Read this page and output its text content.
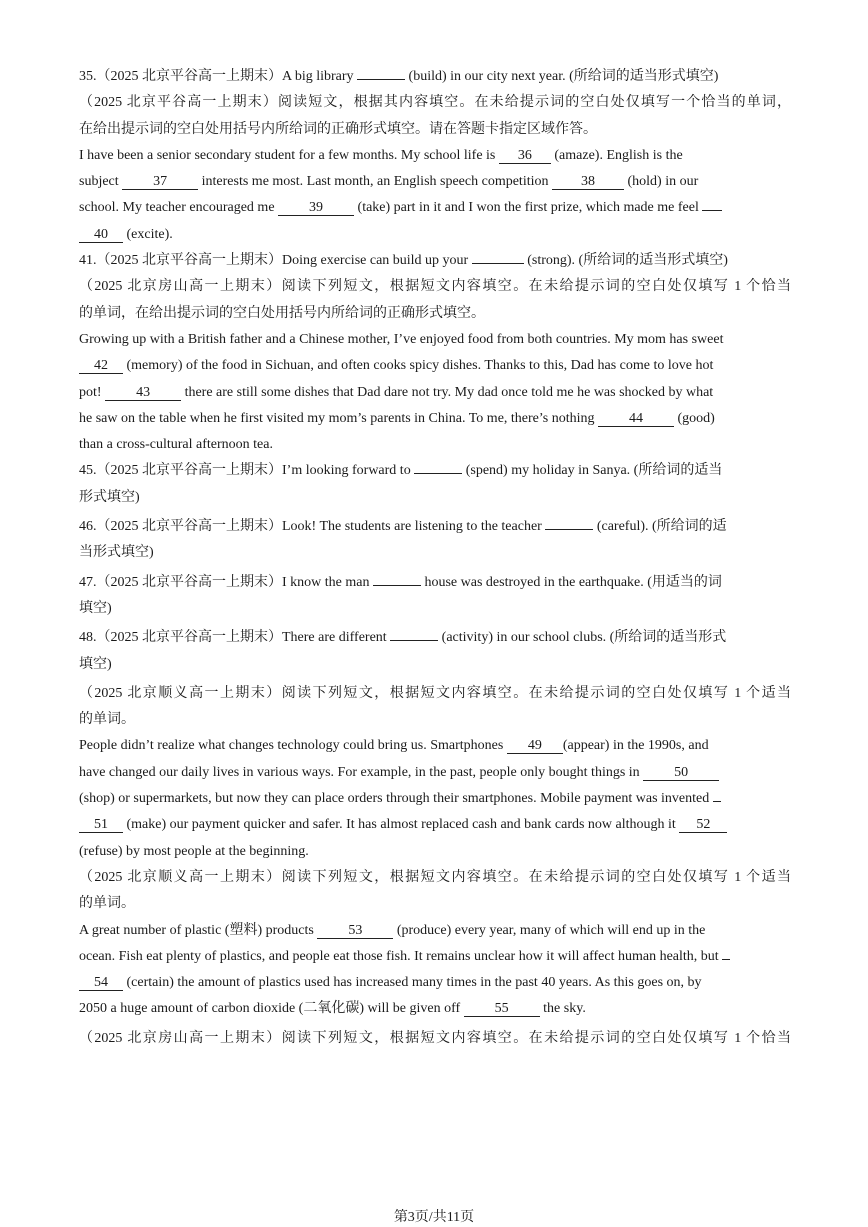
35.（2025 北京平谷高一上期末）A big library	(build) in our city next year. (所给词的适当形式填空)
（2025 北京平谷高一上期末）阅读短文，根据其内容填空。在未给提示词的空白处仅填写一个恰当的单词，
在给出提示词的空白处用括号内所给词的正确形式填空。请在答题卡指定区域作答。
I have been a senior secondary student for a few months. My school life is 36 (amaze). English is the
subject 37 interests me most. Last month, an English speech competition 38 (hold) in our
school. My teacher encouraged me 39 (take) part in it and I won the first prize, which made me feel
40 (excite).
41.（2025 北京平谷高一上期末）Doing exercise can build up your	(strong). (所给词的适当形式填空)
（2025 北京房山高一上期末）阅读下列短文，根据短文内容填空。在未给提示词的空白处仅填写 1 个恰当
的单词，在给出提示词的空白处用括号内所给词的正确形式填空。
Growing up with a British father and a Chinese mother, I’ve enjoyed food from both countries. My mom has sweet
42 (memory) of the food in Sichuan, and often cooks spicy dishes. Thanks to this, Dad has come to love hot
pot! 43 there are still some dishes that Dad dare not try. My dad once told me he was shocked by what
he saw on the table when he first visited my mom’s parents in China. To me, there’s nothing 44 (good)
than a cross-cultural afternoon tea.
45.（2025 北京平谷高一上期末）I’m looking forward to	(spend) my holiday in Sanya. (所给词的适当
形式填空)
46.（2025 北京平谷高一上期末）Look! The students are listening to the teacher	(careful). (所给词的适
当形式填空)
47.（2025 北京平谷高一上期末）I know the man	house was destroyed in the earthquake. (用适当的词
填空)
48.（2025 北京平谷高一上期末）There are different	(activity) in our school clubs. (所给词的适当形式
填空)
（2025 北京顺义高一上期末）阅读下列短文，根据短文内容填空。在未给提示词的空白处仅填写 1 个适当
的单词。
People didn’t realize what changes technology could bring us. Smartphones 49 (appear) in the 1990s, and
have changed our daily lives in various ways. For example, in the past, people only bought things in 50
(shop) or supermarkets, but now they can place orders through their smartphones. Mobile payment was invented
51 (make) our payment quicker and safer. It has almost replaced cash and bank cards now although it 52
(refuse) by most people at the beginning.
（2025 北京顺义高一上期末）阅读下列短文，根据短文内容填空。在未给提示词的空白处仅填写 1 个适当
的单词。
A great number of plastic (塑料) products 53 (produce) every year, many of which will end up in the
ocean. Fish eat plenty of plastics, and people eat those fish. It remains unclear how it will affect human health, but
54 (certain) the amount of plastics used has increased many times in the past 40 years. As this goes on, by
2050 a huge amount of carbon dioxide (二氧化碳) will be given off 55 the sky.
（2025 北京房山高一上期末）阅读下列短文，根据短文内容填空。在未给提示词的空白处仅填写 1 个恰当
第3页/共11页
